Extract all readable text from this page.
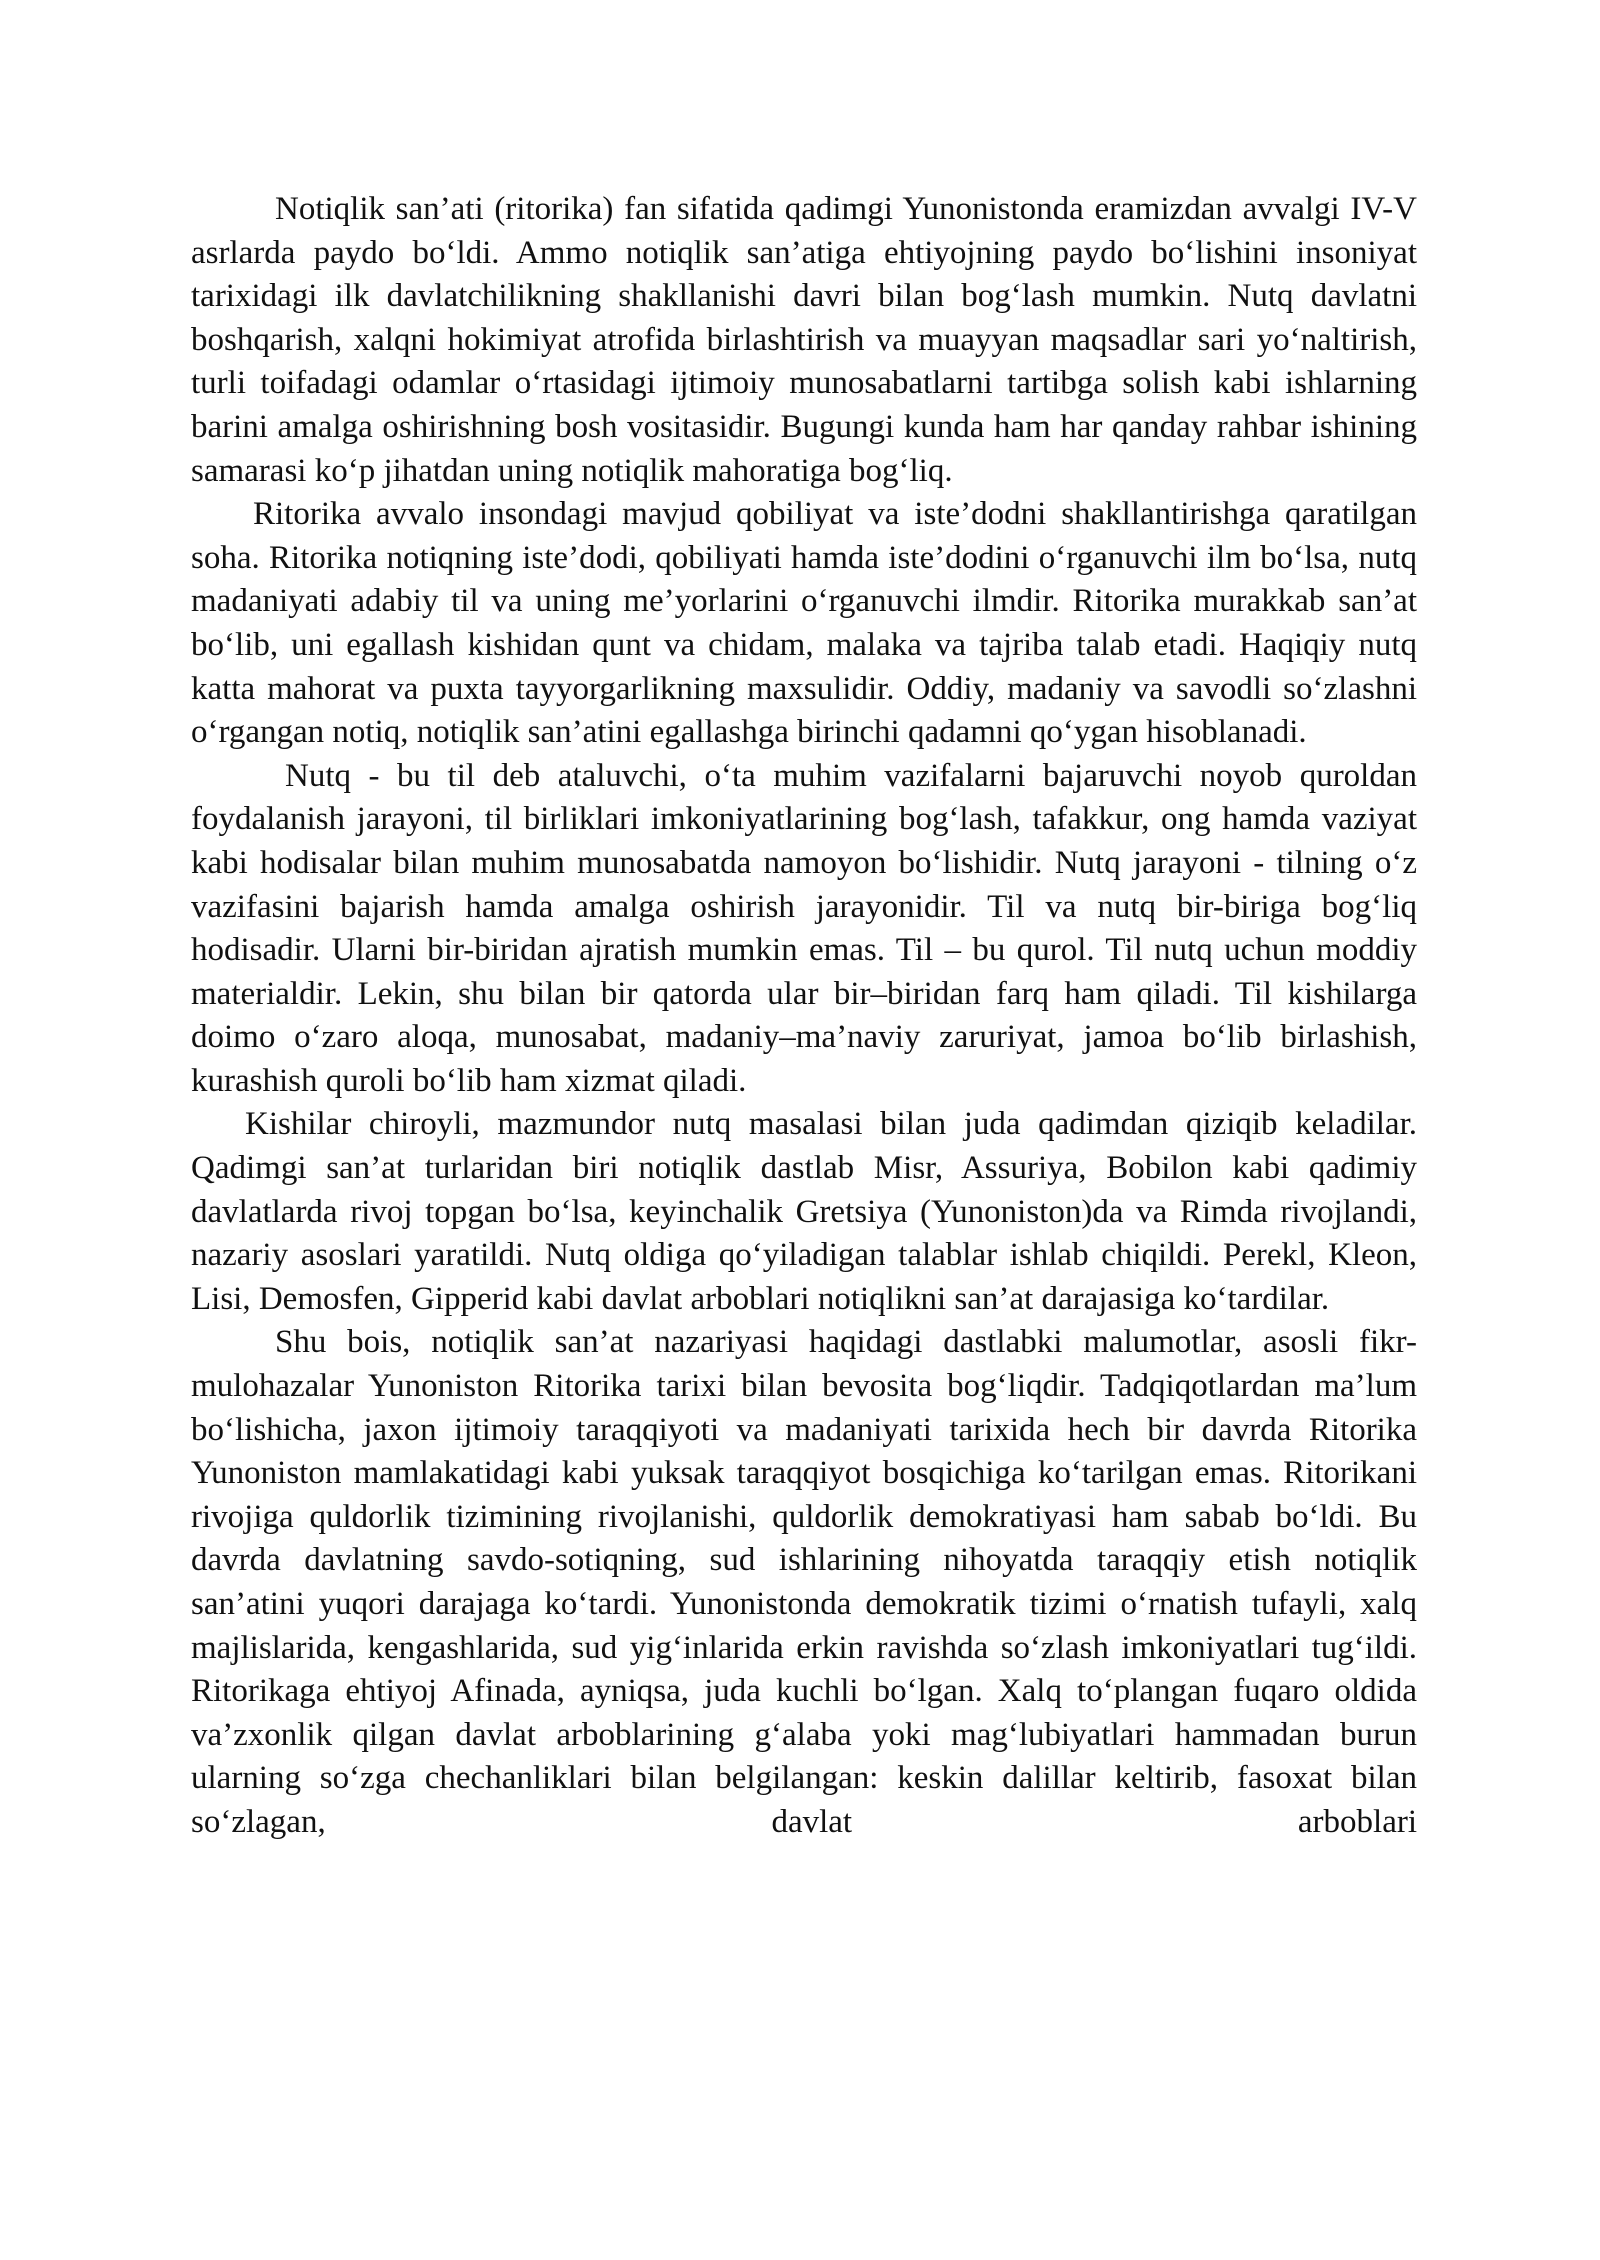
Notiqlik san’ati (ritorika) fan sifatida qadimgi Yunonistonda eramizdan avvalgi IV-V asrlarda paydo bo‘ldi. Ammo notiqlik san’atiga ehtiyojning paydo bo‘lishini insoniyat tarixidagi ilk davlatchilikning shakllanishi davri bilan bog‘lash mumkin. Nutq davlatni boshqarish, xalqni hokimiyat atrofida birlashtirish va muayyan maqsadlar sari yo‘naltirish, turli toifadagi odamlar o‘rtasidagi ijtimoiy munosabatlarni tartibga solish kabi ishlarning barini amalga oshirishning bosh vositasidir. Bugungi kunda ham har qanday rahbar ishining samarasi ko‘p jihatdan uning notiqlik mahoratiga bog‘liq.

Ritorika avvalo insondagi mavjud qobiliyat va iste’dodni shakllantirishga qaratilgan soha. Ritorika notiqning iste’dodi, qobiliyati hamda iste’dodini o‘rganuvchi ilm bo‘lsa, nutq madaniyati adabiy til va uning me’yorlarini o‘rganuvchi ilmdir. Ritorika murakkab san’at bo‘lib, uni egallash kishidan qunt va chidam, malaka va tajriba talab etadi. Haqiqiy nutq katta mahorat va puxta tayyorgarlikning maxsulidir. Oddiy, madaniy va savodli so‘zlashni o‘rgangan notiq, notiqlik san’atini egallashga birinchi qadamni qo‘ygan hisoblanadi.

Nutq - bu til deb ataluvchi, o‘ta muhim vazifalarni bajaruvchi noyob quroldan foydalanish jarayoni, til birliklari imkoniyatlarining bog‘lash, tafakkur, ong hamda vaziyat kabi hodisalar bilan muhim munosabatda namoyon bo‘lishidir. Nutq jarayoni - tilning o‘z vazifasini bajarish hamda amalga oshirish jarayonidir. Til va nutq bir-biriga bog‘liq hodisadir. Ularni bir-biridan ajratish mumkin emas. Til – bu qurol. Til nutq uchun moddiy materialdir. Lekin, shu bilan bir qatorda ular bir–biridan farq ham qiladi. Til kishilarga doimo o‘zaro aloqa, munosabat, madaniy–ma’naviy zaruriyat, jamoa bo‘lib birlashish, kurashish quroli bo‘lib ham xizmat qiladi.

Kishilar chiroyli, mazmundor nutq masalasi bilan juda qadimdan qiziqib keladilar. Qadimgi san’at turlaridan biri notiqlik dastlab Misr, Assuriya, Bobilon kabi qadimiy davlatlarda rivoj topgan bo‘lsa, keyinchalik Gretsiya (Yunoniston)da va Rimda rivojlandi, nazariy asoslari yaratildi. Nutq oldiga qo‘yiladigan talablar ishlab chiqildi. Perekl, Kleon, Lisi, Demosfen, Gipperid kabi davlat arboblari notiqlikni san’at darajasiga ko‘tardilar.

Shu bois, notiqlik san’at nazariyasi haqidagi dastlabki malumotlar, asosli fikr-mulohazalar Yunoniston Ritorika tarixi bilan bevosita bog‘liqdir. Tadqiqotlardan ma’lum bo‘lishicha, jaxon ijtimoiy taraqqiyoti va madaniyati tarixida hech bir davrda Ritorika Yunoniston mamlakatidagi kabi yuksak taraqqiyot bosqichiga ko‘tarilgan emas. Ritorikani rivojiga quldorlik tizimining rivojlanishi, quldorlik demokratiyasi ham sabab bo‘ldi. Bu davrda davlatning savdo-sotiqning, sud ishlarining nihoyatda taraqqiy etish notiqlik san’atini yuqori darajaga ko‘tardi. Yunonistonda demokratik tizimi o‘rnatish tufayli, xalq majlislarida, kengashlarida, sud yig‘inlarida erkin ravishda so‘zlash imkoniyatlari tug‘ildi. Ritorikaga ehtiyoj Afinada, ayniqsa, juda kuchli bo‘lgan. Xalq to‘plangan fuqaro oldida va’zxonlik qilgan davlat arboblarining g‘alaba yoki mag‘lubiyatlari hammadan burun ularning so‘zga chechanliklari bilan belgilangan: keskin dalillar keltirib, fasoxat bilan so‘zlagan, davlat arboblari
